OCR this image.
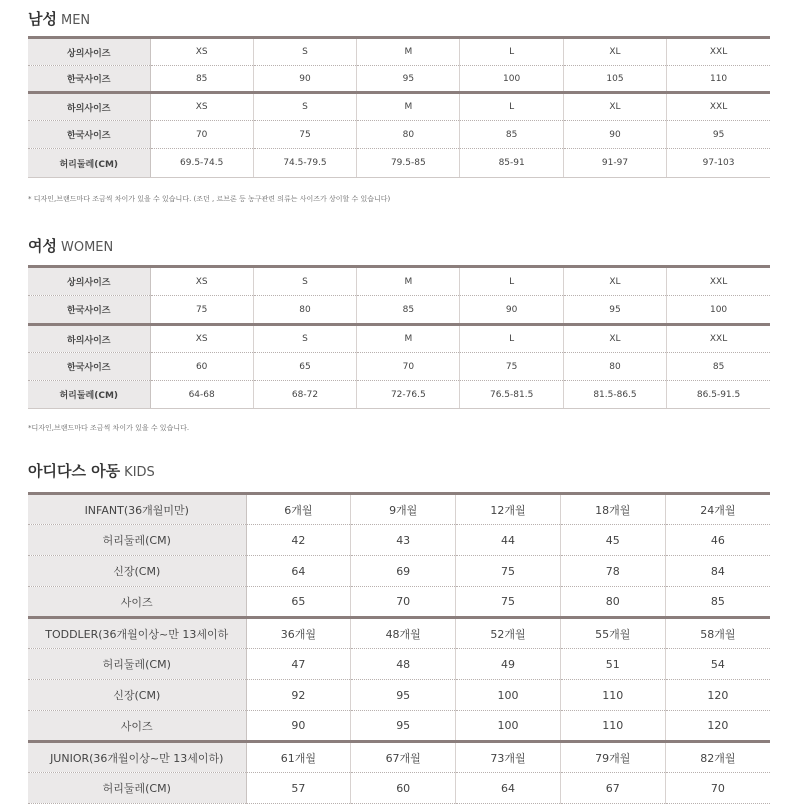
남성 MEN
상의사이즈	XS	S	M	L	XL	XXL
한국사이즈	85	90	95	100	105	110
하의사이즈	XS	S	M	L	XL	XXL
한국사이즈	70	75	80	85	90	95
허리둘레(CM)	69.5-74.5	74.5-79.5	79.5-85	85-91	91-97	97-103
* 디자인,브랜드마다 조금씩 차이가 있을 수 있습니다. (조던 , 르브론 등 농구관련 의류는 사이즈가 상이할 수 있습니다)
여성 WOMEN
상의사이즈	XS	S	M	L	XL	XXL
한국사이즈	75	80	85	90	95	100
하의사이즈	XS	S	M	L	XL	XXL
한국사이즈	60	65	70	75	80	85
허리둘레(CM)	64-68	68-72	72-76.5	76.5-81.5	81.5-86.5	86.5-91.5
*디자인,브랜드마다 조금씩 차이가 있을 수 있습니다.
아디다스 아동 KIDS
INFANT(36개월미만)	6개월	9개월	12개월	18개월	24개월
허리둘레(CM)	42	43	44	45	46
신장(CM)	64	69	75	78	84
사이즈	65	70	75	80	85
TODDLER(36개월이상~만 13세이하	36개월	48개월	52개월	55개월	58개월
허리둘레(CM)	47	48	49	51	54
신장(CM)	92	95	100	110	120
사이즈	90	95	100	110	120
JUNIOR(36개월이상~만 13세이하)	61개월	67개월	73개월	79개월	82개월
허리둘레(CM)	57	60	64	67	70
